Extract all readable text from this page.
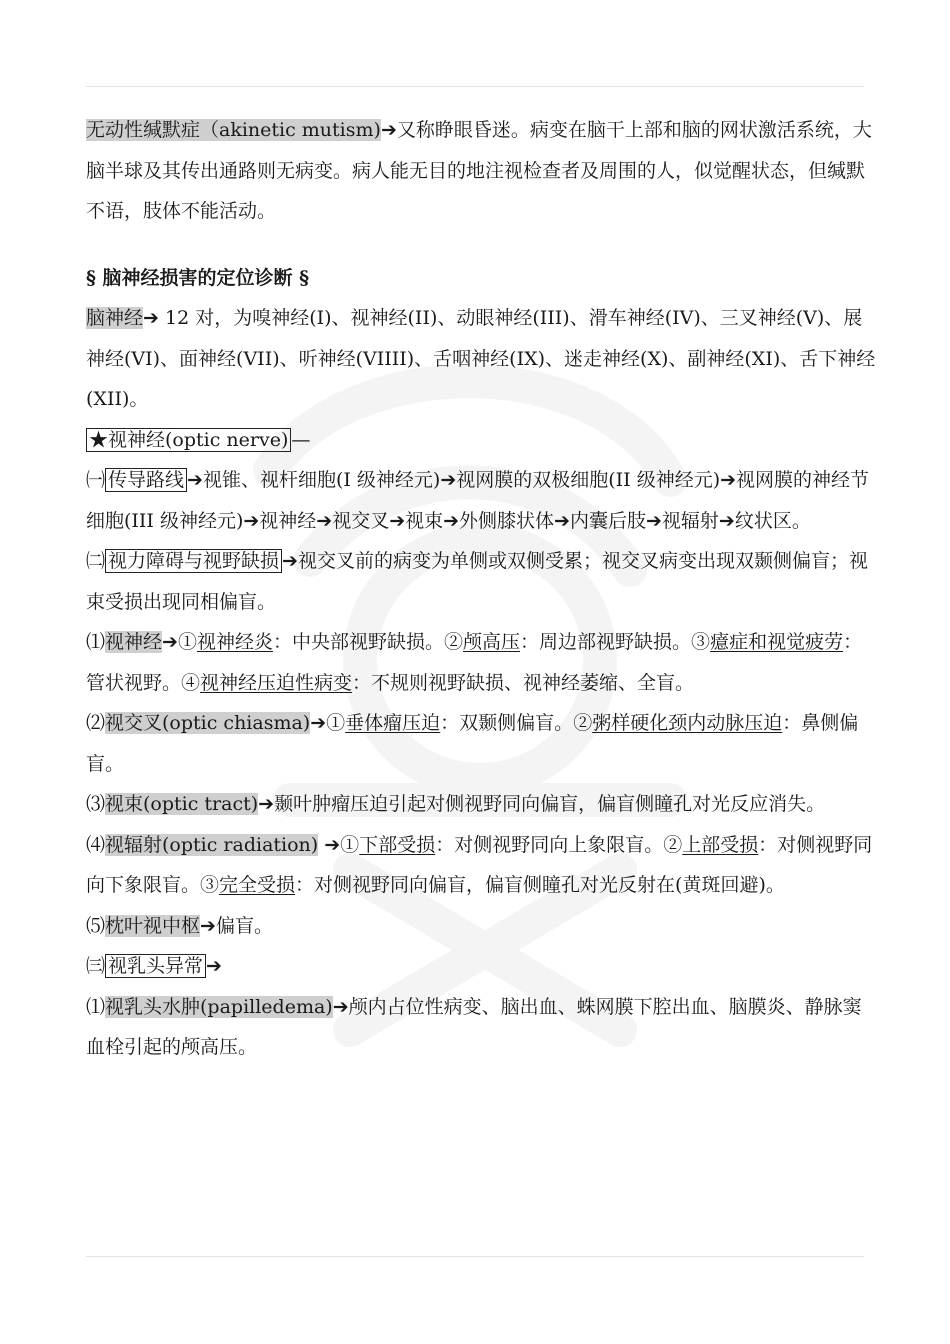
无动性缄默症（akinetic mutism)➔又称睁眼昏迷。病变在脑干上部和脑的网状激活系统，大脑半球及其传出通路则无病变。病人能无目的地注视检查者及周围的人，似觉醒状态，但缄默不语，肢体不能活动。

§ 脑神经损害的定位诊断 §

脑神经➔ 12 对，为嗅神经(I)、视神经(II)、动眼神经(III)、滑车神经(IV)、三叉神经(V)、展神经(VI)、面神经(VII)、听神经(VIIII)、舌咽神经(IX)、迷走神经(X)、副神经(XI)、舌下神经(XII)。

★视神经(optic nerve) —

㈠ 传导路线 ➔视锥、视杆细胞(I 级神经元)➔视网膜的双极细胞(II 级神经元)➔视网膜的神经节细胞(III 级神经元)➔视神经➔视交叉➔视束➔外侧膝状体➔内囊后肢➔视辐射➔纹状区。

㈡ 视力障碍与视野缺损 ➔视交叉前的病变为单侧或双侧受累；视交叉病变出现双颞侧偏盲；视束受损出现同相偏盲。

⑴视神经➔①视神经炎：中央部视野缺损。②颅高压：周边部视野缺损。③癔症和视觉疲劳：管状视野。④视神经压迫性病变：不规则视野缺损、视神经萎缩、全盲。

⑵视交叉(optic chiasma)➔①垂体瘤压迫：双颞侧偏盲。②粥样硬化颈内动脉压迫：鼻侧偏盲。

⑶视束(optic tract)➔颞叶肿瘤压迫引起对侧视野同向偏盲，偏盲侧瞳孔对光反应消失。

⑷视辐射(optic radiation) ➔①下部受损：对侧视野同向上象限盲。②上部受损：对侧视野同向下象限盲。③完全受损：对侧视野同向偏盲，偏盲侧瞳孔对光反射在(黄斑回避)。

⑸枕叶视中枢➔偏盲。

㈢ 视乳头异常 ➔

⑴视乳头水肿(papilledema)➔颅内占位性病变、脑出血、蛛网膜下腔出血、脑膜炎、静脉窦血栓引起的颅高压。
